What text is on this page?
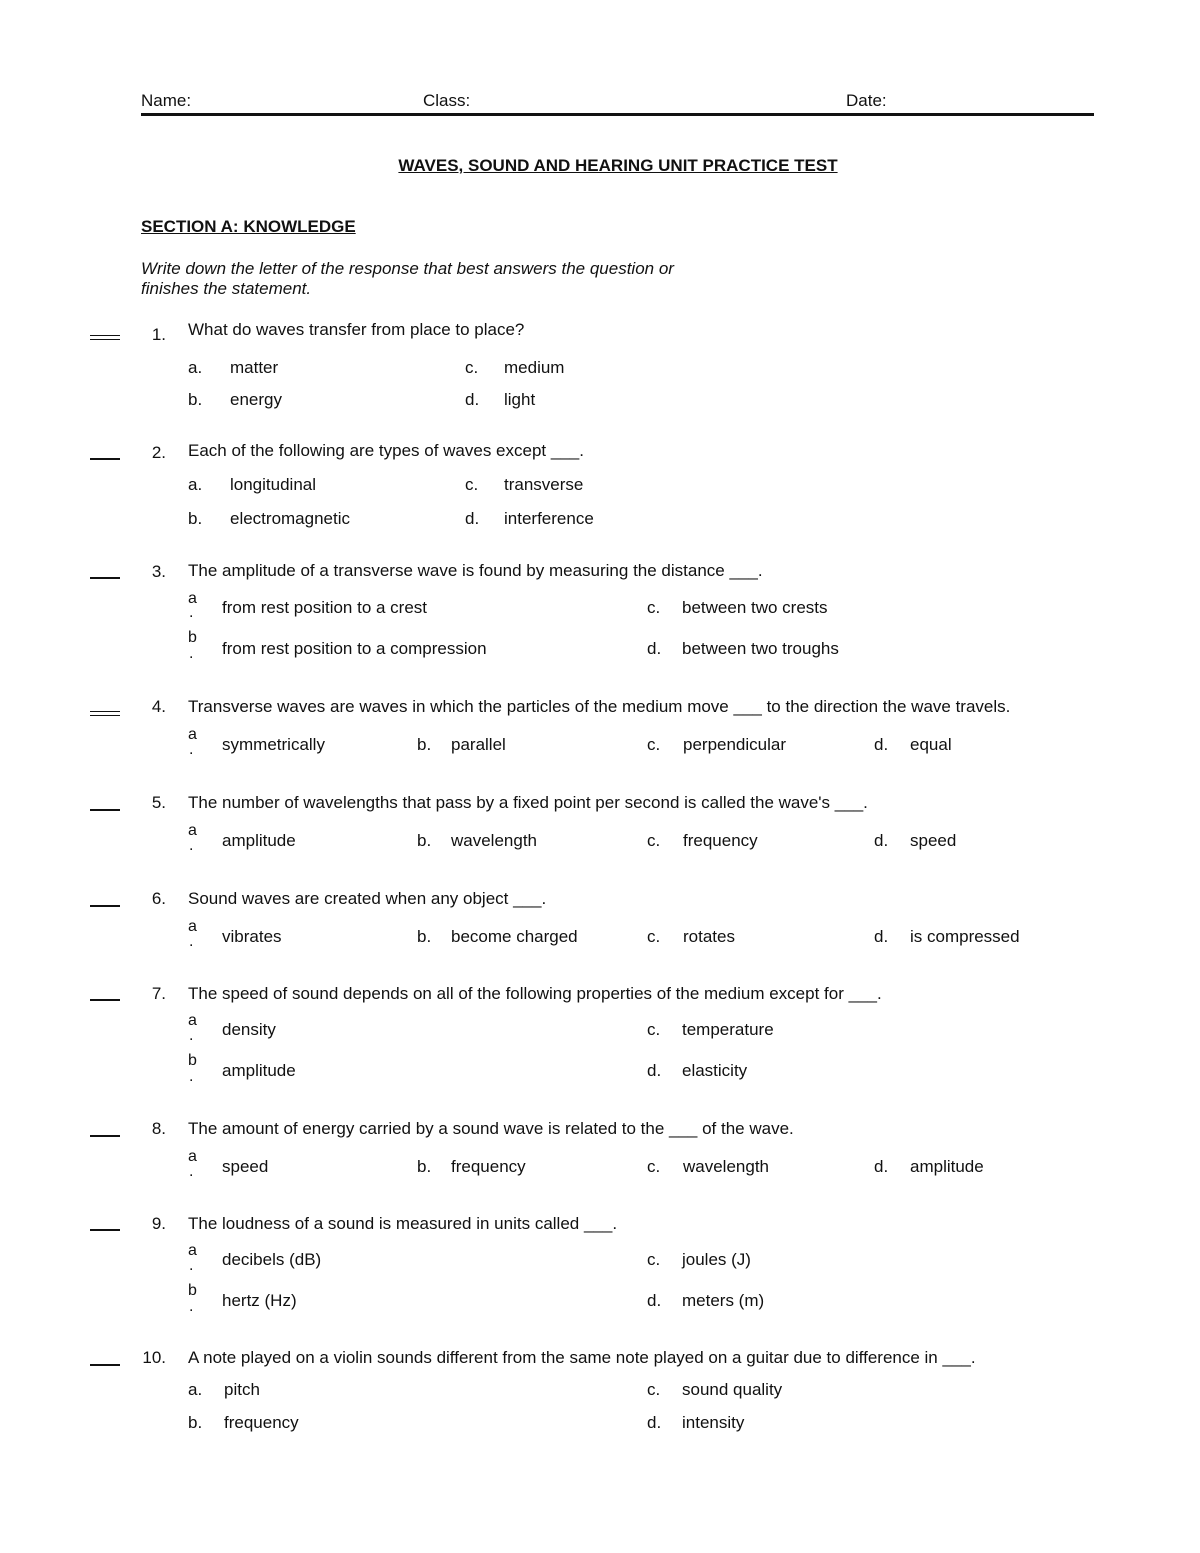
Name:	Class:	Date:
WAVES, SOUND AND HEARING UNIT PRACTICE TEST
SECTION A: KNOWLEDGE
Write down the letter of the response that best answers the question or
finishes the statement.
1. What do waves transfer from place to place?
a. matter	c. medium
b. energy	d. light
2. Each of the following are types of waves except ___.
a. longitudinal	c. transverse
b. electromagnetic	d. interference
3. The amplitude of a transverse wave is found by measuring the distance ___.
a
. from rest position to a crest	c. between two crests
b
. from rest position to a compression	d. between two troughs
4. Transverse waves are waves in which the particles of the medium move ___ to the direction the wave travels.
a
. symmetrically	b. parallel	c. perpendicular	d. equal
5. The number of wavelengths that pass by a fixed point per second is called the wave's ___.
a
. amplitude	b. wavelength	c. frequency	d. speed
6. Sound waves are created when any object ___.
a
. vibrates	b. become charged	c. rotates	d. is compressed
7. The speed of sound depends on all of the following properties of the medium except for ___.
a
. density	c. temperature
b
. amplitude	d. elasticity
8. The amount of energy carried by a sound wave is related to the ___ of the wave.
a
. speed	b. frequency	c. wavelength	d. amplitude
9. The loudness of a sound is measured in units called ___.
a
. decibels (dB)	c. joules (J)
b
. hertz (Hz)	d. meters (m)
10. A note played on a violin sounds different from the same note played on a guitar due to difference in ___.
a. pitch	c. sound quality
b. frequency	d. intensity
